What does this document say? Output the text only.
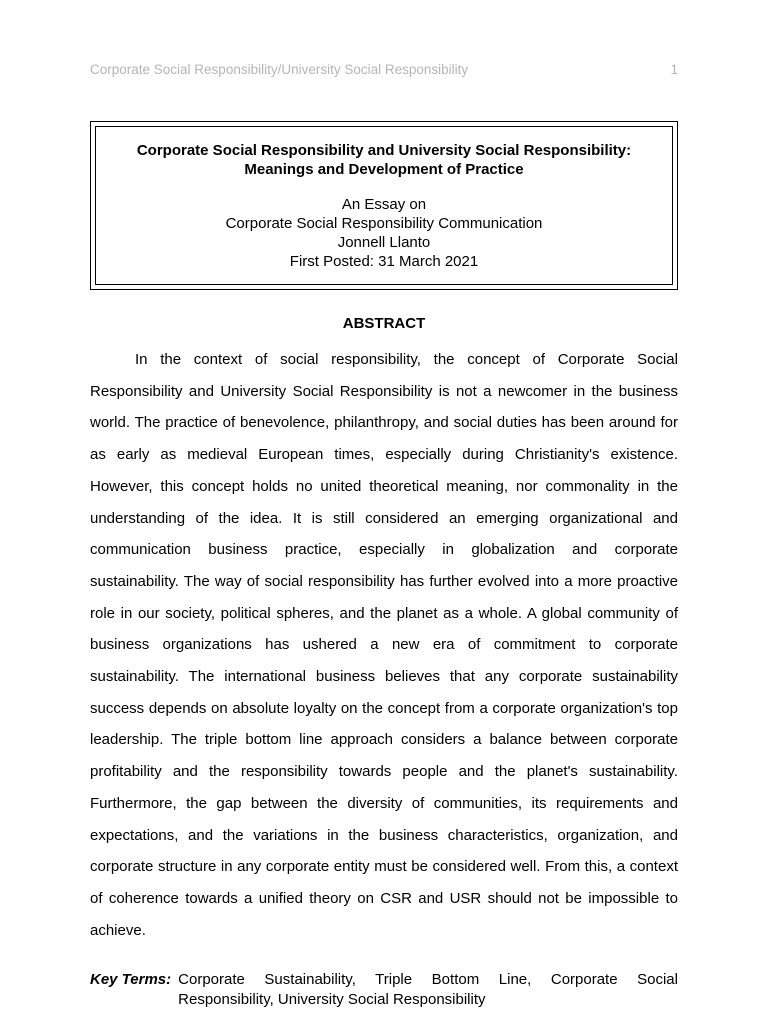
Corporate Social Responsibility/University Social Responsibility	1
Corporate Social Responsibility and University Social Responsibility:
Meanings and Development of Practice
An Essay on
Corporate Social Responsibility Communication
Jonnell Llanto
First Posted: 31 March 2021
ABSTRACT

In the context of social responsibility, the concept of Corporate Social Responsibility and University Social Responsibility is not a newcomer in the business world. The practice of benevolence, philanthropy, and social duties has been around for as early as medieval European times, especially during Christianity's existence. However, this concept holds no united theoretical meaning, nor commonality in the understanding of the idea. It is still considered an emerging organizational and communication business practice, especially in globalization and corporate sustainability. The way of social responsibility has further evolved into a more proactive role in our society, political spheres, and the planet as a whole. A global community of business organizations has ushered a new era of commitment to corporate sustainability. The international business believes that any corporate sustainability success depends on absolute loyalty on the concept from a corporate organization's top leadership. The triple bottom line approach considers a balance between corporate profitability and the responsibility towards people and the planet's sustainability. Furthermore, the gap between the diversity of communities, its requirements and expectations, and the variations in the business characteristics, organization, and corporate structure in any corporate entity must be considered well. From this, a context of coherence towards a unified theory on CSR and USR should not be impossible to achieve.

Key Terms: Corporate Sustainability, Triple Bottom Line, Corporate Social Responsibility, University Social Responsibility
